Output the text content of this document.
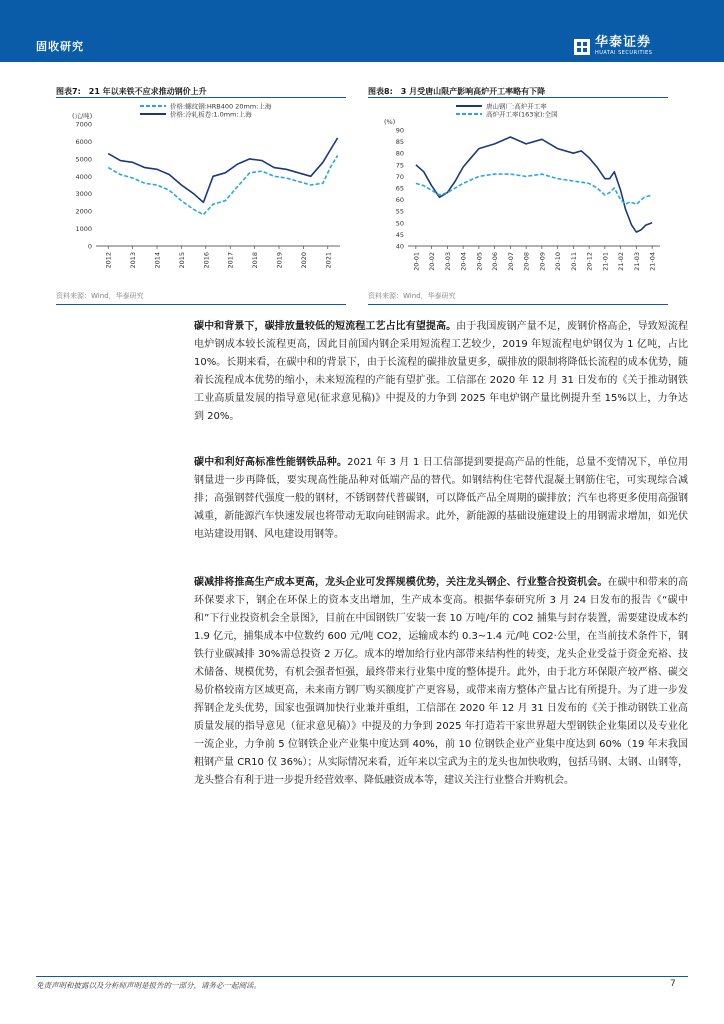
固收研究	华泰证券
HUATAI SECURITIES
图表7: 21 年以来铁不应求推动钢价上升
价格:螺纹钢:HRB400 20mm:上海
价格:冷轧板卷:1.0mm:上海
(元/吨)
0
1000
2000
3000
4000
5000
6000
7000
2012	2013	2014	2015	2016	2017	2018	2019	2020	2021
资料来源：Wind，华泰研究
图表8: 3 月受唐山限产影响高炉开工率略有下降
唐山钢厂:高炉开工率
高炉开工率(163家):全国
(%)
40
45
50
55
60
65
70
75
80
85
90
20-01 20-02 20-03 20-04 20-05 20-06 20-07 20-08 20-09 20-10 20-11 20-12 21-01 21-02 21-03 21-04
资料来源：Wind，华泰研究
碳中和背景下，碳排放量较低的短流程工艺占比有望提高。由于我国废钢产量不足，废钢价格高企，导致短流程电炉钢成本较长流程更高，因此目前国内钢企采用短流程工艺较少，2019 年短流程电炉钢仅为 1 亿吨，占比 10%。长期来看，在碳中和的背景下，由于长流程的碳排放量更多，碳排放的限制将降低长流程的成本优势，随着长流程成本优势的缩小，未来短流程的产能有望扩张。工信部在 2020 年 12 月 31 日发布的《关于推动钢铁工业高质量发展的指导意见(征求意见稿)》中提及的力争到 2025 年电炉钢产量比例提升至 15%以上，力争达到 20%。
碳中和利好高标准性能钢铁品种。2021 年 3 月 1 日工信部提到要提高产品的性能，总量不变情况下，单位用钢量进一步再降低，要实现高性能品种对低端产品的替代。如钢结构住宅替代混凝土钢筋住宅，可实现综合减排；高强钢替代强度一般的钢材，不锈钢替代普碳钢，可以降低产品全周期的碳排放；汽车也将更多使用高强钢减重，新能源汽车快速发展也将带动无取向硅钢需求。此外，新能源的基础设施建设上的用钢需求增加，如光伏电站建设用钢、风电建设用钢等。
碳减排将推高生产成本更高，龙头企业可发挥规模优势，关注龙头钢企、行业整合投资机会。在碳中和带来的高环保要求下，钢企在环保上的资本支出增加，生产成本变高。根据华泰研究所 3 月 24 日发布的报告《“碳中和”下行业投资机会全景图》，目前在中国钢铁厂安装一套 10 万吨/年的 CO2 捕集与封存装置，需要建设成本约 1.9 亿元，捕集成本中位数约 600 元/吨 CO2，运输成本约 0.3~1.4 元/吨 CO2·公里，在当前技术条件下，钢铁行业碳减排 30%需总投资 2 万亿。成本的增加给行业内部带来结构性的转变，龙头企业受益于资金充裕、技术储备、规模优势，有机会强者恒强，最终带来行业集中度的整体提升。此外，由于北方环保限产较严格、碳交易价格较南方区域更高，未来南方钢厂购买额度扩产更容易，或带来南方整体产量占比有所提升。为了进一步发挥钢企龙头优势，国家也强调加快行业兼并重组，工信部在 2020 年 12 月 31 日发布的《关于推动钢铁工业高质量发展的指导意见（征求意见稿）》中提及的力争到 2025 年打造若干家世界超大型钢铁企业集团以及专业化一流企业，力争前 5 位钢铁企业产业集中度达到 40%，前 10 位钢铁企业产业集中度达到 60%（19 年末我国粗钢产量 CR10 仅 36%）；从实际情况来看，近年来以宝武为主的龙头也加快收购，包括马钢、太钢、山钢等，龙头整合有利于进一步提升经营效率、降低融资成本等，建议关注行业整合并购机会。
免责声明和披露以及分析师声明是报告的一部分，请务必一起阅读。	7
